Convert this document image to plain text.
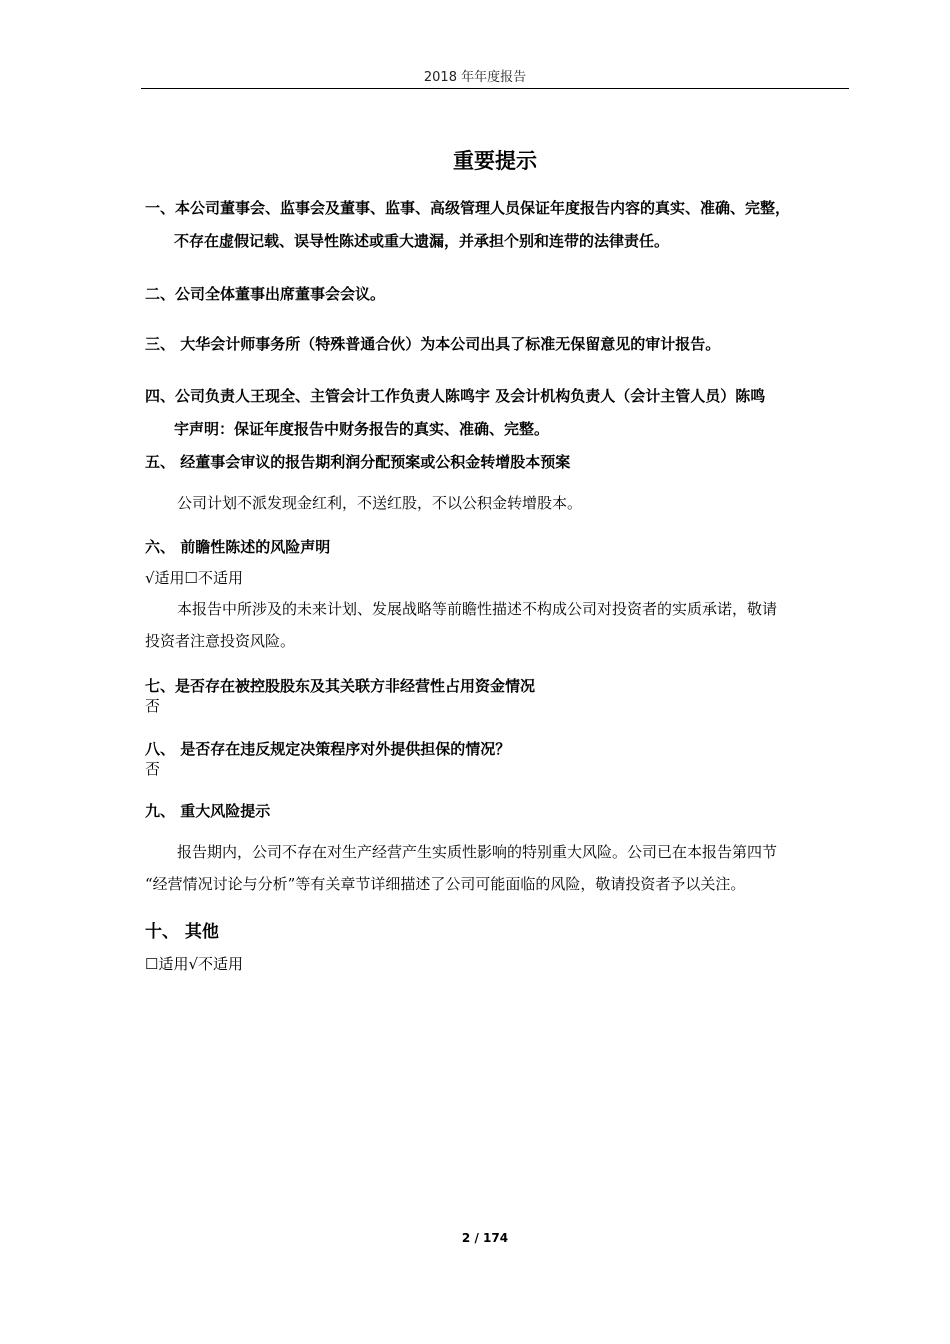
2018 年年度报告
重要提示
一、本公司董事会、监事会及董事、监事、高级管理人员保证年度报告内容的真实、准确、完整，
不存在虚假记载、误导性陈述或重大遗漏，并承担个别和连带的法律责任。
二、公司全体董事出席董事会会议。
三、 大华会计师事务所（特殊普通合伙）为本公司出具了标准无保留意见的审计报告。
四、公司负责人王现全、主管会计工作负责人陈鸣宇 及会计机构负责人（会计主管人员）陈鸣
宇声明：保证年度报告中财务报告的真实、准确、完整。
五、 经董事会审议的报告期利润分配预案或公积金转增股本预案
公司计划不派发现金红利，不送红股，不以公积金转增股本。
六、 前瞻性陈述的风险声明
√适用☐不适用
本报告中所涉及的未来计划、发展战略等前瞻性描述不构成公司对投资者的实质承诺，敬请
投资者注意投资风险。
七、是否存在被控股股东及其关联方非经营性占用资金情况
否
八、 是否存在违反规定决策程序对外提供担保的情况？
否
九、 重大风险提示
报告期内，公司不存在对生产经营产生实质性影响的特别重大风险。公司已在本报告第四节
“经营情况讨论与分析”等有关章节详细描述了公司可能面临的风险，敬请投资者予以关注。
十、 其他
☐适用√不适用
2 / 174
